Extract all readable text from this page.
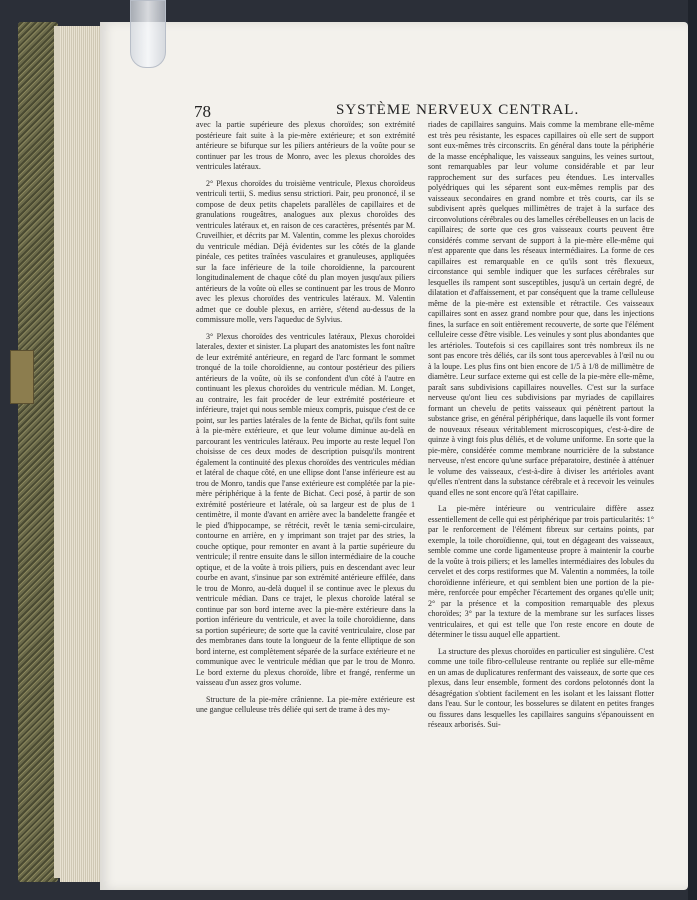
78	SYSTÈME NERVEUX CENTRAL.

avec la partie supérieure des plexus choroïdes; son extrémité postérieure fait suite à la pie-mère extérieure; et son extrémité antérieure se bifurque sur les piliers antérieurs de la voûte pour se continuer par les trous de Monro, avec les plexus choroïdes des ventricules latéraux.

2° Plexus choroïdes du troisième ventricule, Plexus choroïdeus ventriculi tertii, S. medius sensu strictiori. Pair, peu prononcé, il se compose de deux petits chapelets parallèles de capillaires et de granulations rougeâtres, analogues aux plexus choroïdes des ventricules latéraux et, en raison de ces caractères, présentés par M. Cruveilhier, et décrits par M. Valentin, comme les plexus choroïdes du ventricule médian. Déjà évidentes sur les côtés de la glande pinéale, ces petites traînées vasculaires et granuleuses, appliquées sur la face inférieure de la toile choroïdienne, la parcourent longitudinalement de chaque côté du plan moyen jusqu'aux piliers antérieurs de la voûte où elles se continuent par les trous de Monro avec les plexus choroïdes des ventricules latéraux. M. Valentin admet que ce double plexus, en arrière, s'étend au-dessus de la commissure molle, vers l'aqueduc de Sylvius.

3° Plexus choroïdes des ventricules latéraux, Plexus choroïdei laterales, dexter et sinister. La plupart des anatomistes les font naître de leur extrémité antérieure, en regard de l'arc formant le sommet tronqué de la toile choroïdienne, au contour postérieur des piliers antérieurs de la voûte, où ils se confondent d'un côté à l'autre en continuant les plexus choroïdes du ventricule médian. M. Longet, au contraire, les fait procéder de leur extrémité postérieure et inférieure, trajet qui nous semble mieux compris, puisque c'est de ce point, sur les parties latérales de la fente de Bichat, qu'ils font suite à la pie-mère extérieure, et que leur volume diminue au-delà en parcourant les ventricules latéraux. Peu importe au reste lequel l'on choisisse de ces deux modes de description puisqu'ils montrent également la continuité des plexus choroïdes des ventricules médian et latéral de chaque côté, en une ellipse dont l'anse inférieure est au trou de Monro, tandis que l'anse extérieure est complétée par la pie-mère périphérique à la fente de Bichat. Ceci posé, à partir de son extrémité postérieure et latérale, où sa largeur est de plus de 1 centimètre, il monte d'avant en arrière avec la bandelette frangée et le pied d'hippocampe, se rétrécit, revêt le tænia semi-circulaire, contourne en arrière, en y imprimant son trajet par des stries, la couche optique, pour remonter en avant à la partie supérieure du ventricule; il rentre ensuite dans le sillon intermédiaire de la couche optique, et de la voûte à trois piliers, puis en descendant avec leur courbe en avant, s'insinue par son extrémité antérieure effilée, dans le trou de Monro, au-delà duquel il se continue avec le plexus du ventricule médian. Dans ce trajet, le plexus choroïde latéral se continue par son bord interne avec la pie-mère extérieure dans la portion inférieure du ventricule, et avec la toile choroïdienne, dans sa portion supérieure; de sorte que la cavité ventriculaire, close par des membranes dans toute la longueur de la fente elliptique de son bord interne, est complètement séparée de la surface extérieure et ne communique avec le ventricule médian que par le trou de Monro. Le bord externe du plexus choroïde, libre et frangé, renferme un vaisseau d'un assez gros volume.

Structure de la pie-mère crânienne. La pie-mère extérieure est une gangue celluleuse très déliée qui sert de trame à des my-

riades de capillaires sanguins. Mais comme la membrane elle-même est très peu résistante, les espaces capillaires où elle sert de support sont eux-mêmes très circonscrits. En général dans toute la périphérie de la masse encéphalique, les vaisseaux sanguins, les veines surtout, sont remarquables par leur volume considérable et par leur rapprochement sur des surfaces peu étendues. Les intervalles polyédriques qui les séparent sont eux-mêmes remplis par des vaisseaux secondaires en grand nombre et très courts, car ils se subdivisent après quelques millimètres de trajet à la surface des circonvolutions cérébrales ou des lamelles cérébelleuses en un lacis de capillaires; de sorte que ces gros vaisseaux courts peuvent être considérés comme servant de support à la pie-mère elle-même qui n'est apparente que dans les réseaux intermédiaires. La forme de ces capillaires est remarquable en ce qu'ils sont très flexueux, circonstance qui semble indiquer que les surfaces cérébrales sur lesquelles ils rampent sont susceptibles, jusqu'à un certain degré, de dilatation et d'affaissement, et par conséquent que la trame celluleuse même de la pie-mère est extensible et rétractile. Ces vaisseaux capillaires sont en assez grand nombre pour que, dans les injections fines, la surface en soit entièrement recouverte, de sorte que l'élément celluleire cesse d'être visible. Les veinules y sont plus abondantes que les artérioles. Toutefois si ces capillaires sont très nombreux ils ne sont pas encore très déliés, car ils sont tous apercevables à l'œil nu ou à la loupe. Les plus fins ont bien encore de 1/5 à 1/8 de millimètre de diamètre. Leur surface externe qui est celle de la pie-mère elle-même, paraît sans subdivisions capillaires nouvelles. C'est sur la surface nerveuse qu'ont lieu ces subdivisions par myriades de capillaires formant un chevelu de petits vaisseaux qui pénètrent partout la substance grise, en général périphérique, dans laquelle ils vont former de nouveaux réseaux véritablement microscopiques, c'est-à-dire de quinze à vingt fois plus déliés, et de volume uniforme. En sorte que la pie-mère, considérée comme membrane nourricière de la substance nerveuse, n'est encore qu'une surface préparatoire, destinée à atténuer le volume des vaisseaux, c'est-à-dire à diviser les artérioles avant qu'elles n'entrent dans la substance cérébrale et à recevoir les veinules quand elles ne sont encore qu'à l'état capillaire.

La pie-mère intérieure ou ventriculaire diffère assez essentiellement de celle qui est périphérique par trois particularités: 1° par le renforcement de l'élément fibreux sur certains points, par exemple, la toile choroïdienne, qui, tout en dégageant des vaisseaux, semble comme une corde ligamenteuse propre à maintenir la courbe de la voûte à trois piliers; et les lamelles intermédiaires des lobules du cervelet et des corps restiformes que M. Valentin a nommées, la toile choroïdienne inférieure, et qui semblent bien une portion de la pie-mère, renforcée pour empêcher l'écartement des organes qu'elle unit; 2° par la présence et la composition remarquable des plexus choroïdes; 3° par la texture de la membrane sur les surfaces lisses ventriculaires, et qui est telle que l'on reste encore en doute de déterminer le tissu auquel elle appartient.

La structure des plexus choroïdes en particulier est singulière. C'est comme une toile fibro-celluleuse rentrante ou repliée sur elle-même en un amas de duplicatures renfermant des vaisseaux, de sorte que ces plexus, dans leur ensemble, forment des cordons pelotonnés dont la désagrégation s'obtient facilement en les isolant et les laissant flotter dans l'eau. Sur le contour, les bosselures se dilatent en petites franges ou fissures dans lesquelles les capillaires sanguins s'épanouissent en réseaux arborisés. Sui-
